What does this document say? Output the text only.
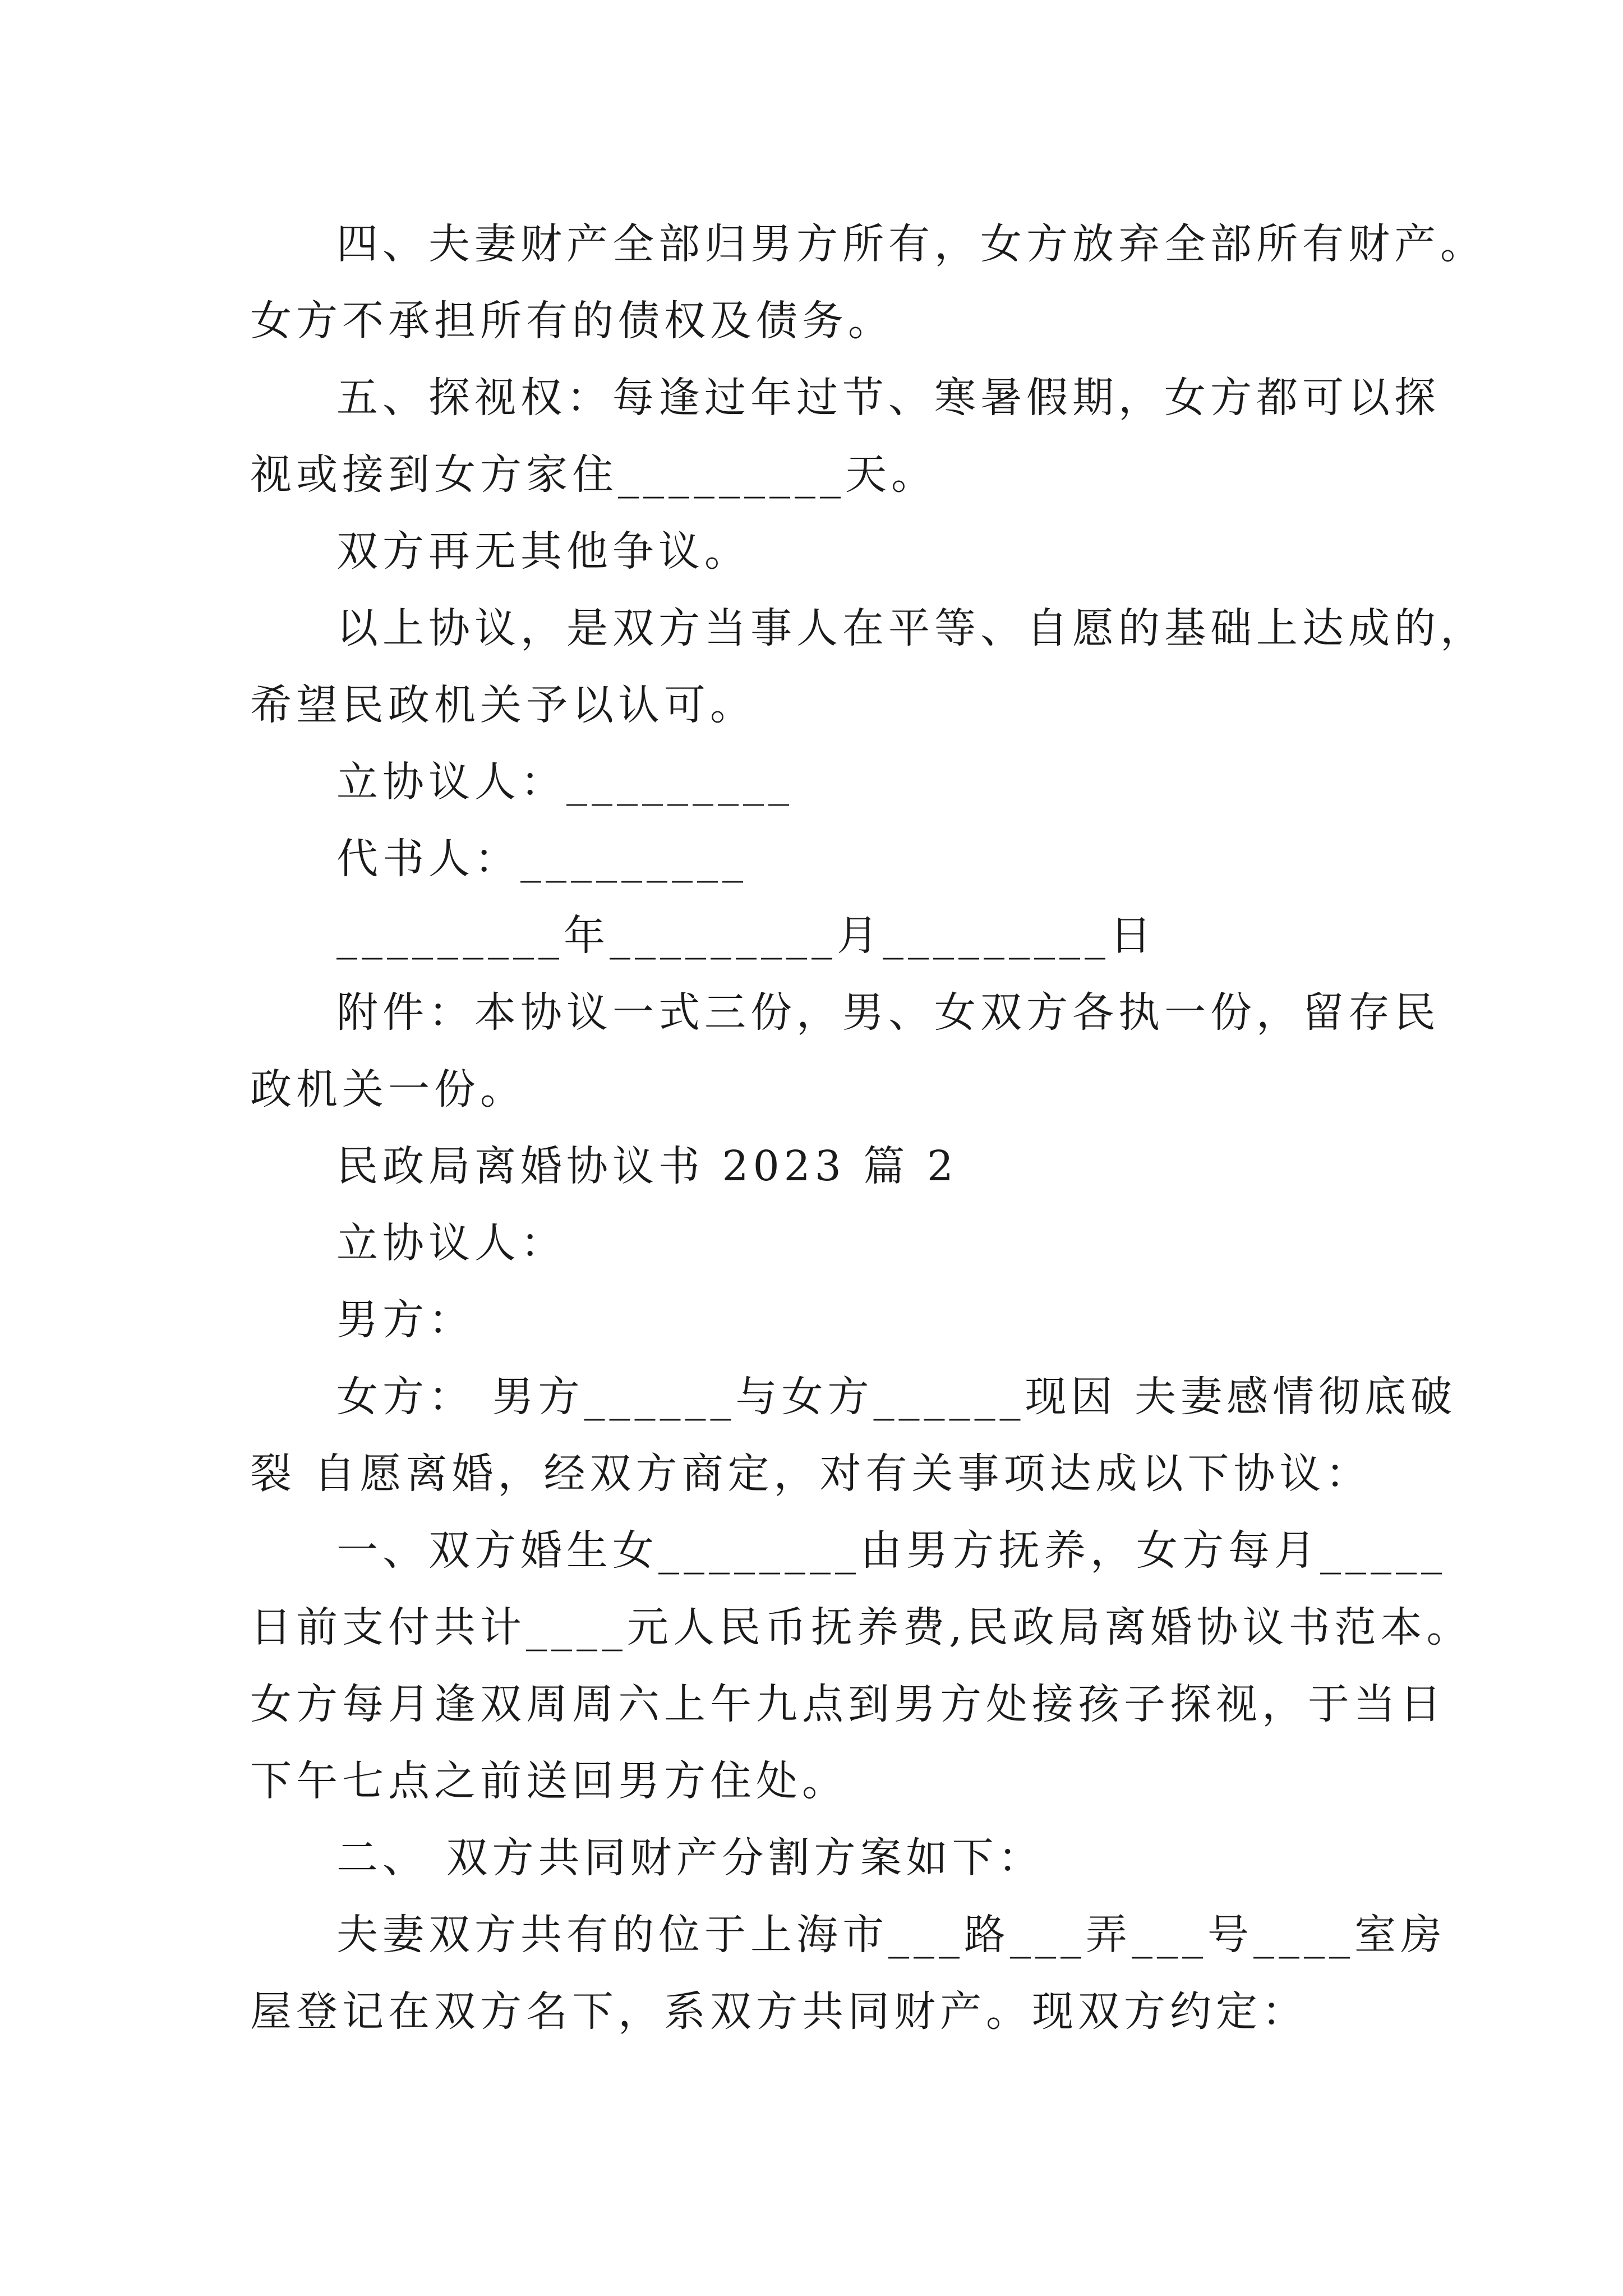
四、夫妻财产全部归男方所有，女方放弃全部所有财产。
女方不承担所有的债权及债务。
五、探视权：每逢过年过节、寒暑假期，女方都可以探
视或接到女方家住_________天。
双方再无其他争议。
以上协议，是双方当事人在平等、自愿的基础上达成的，
希望民政机关予以认可。
立协议人：_________
代书人：_________
_________年_________月_________日
附件：本协议一式三份，男、女双方各执一份，留存民
政机关一份。
民政局离婚协议书 2023 篇 2
立协议人：
男方：
女方： 男方______与女方______现因 夫妻感情彻底破
裂 自愿离婚，经双方商定，对有关事项达成以下协议：
一、双方婚生女________由男方抚养，女方每月_____
日前支付共计____元人民币抚养费,民政局离婚协议书范本。
女方每月逢双周周六上午九点到男方处接孩子探视，于当日
下午七点之前送回男方住处。
二、 双方共同财产分割方案如下：
夫妻双方共有的位于上海市___路___弄___号____室房
屋登记在双方名下，系双方共同财产。现双方约定：
